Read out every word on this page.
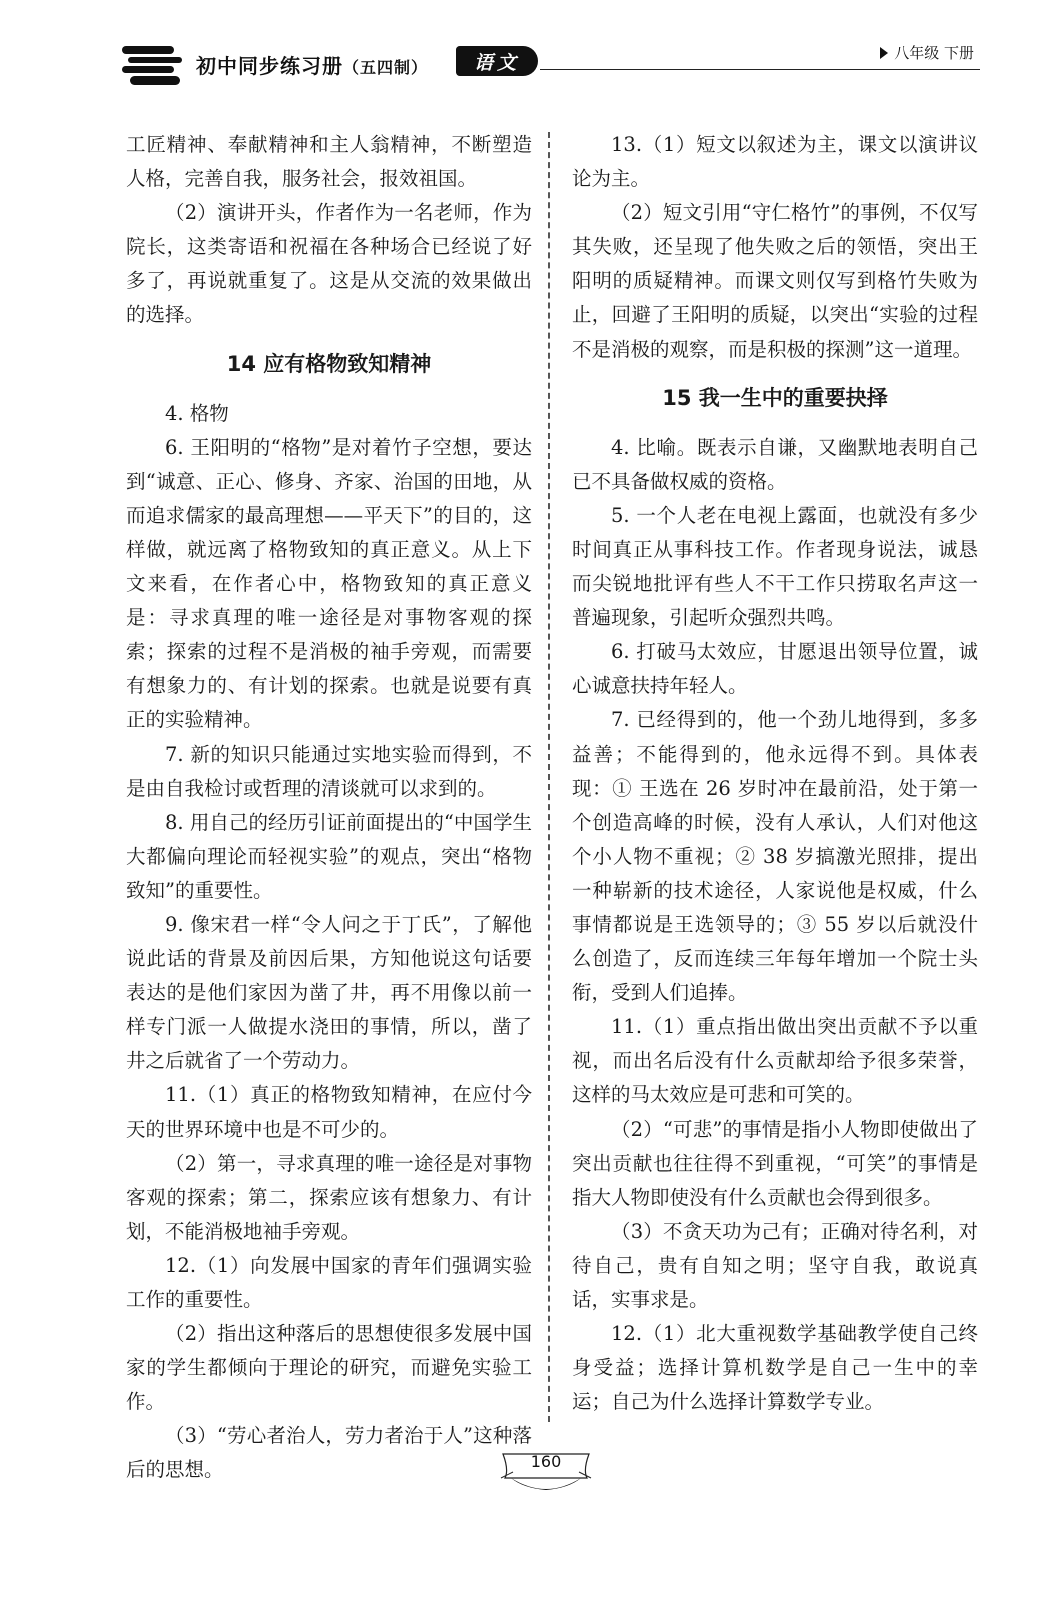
初中同步练习册（五四制）	语文	八年级 下册

工匠精神、奉献精神和主人翁精神，不断塑造人格，完善自我，服务社会，报效祖国。

（2）演讲开头，作者作为一名老师，作为院长，这类寄语和祝福在各种场合已经说了好多了，再说就重复了。这是从交流的效果做出的选择。

14 应有格物致知精神

4. 格物

6. 王阳明的“格物”是对着竹子空想，要达到“诚意、正心、修身、齐家、治国的田地，从而追求儒家的最高理想——平天下”的目的，这样做，就远离了格物致知的真正意义。从上下文来看，在作者心中，格物致知的真正意义是：寻求真理的唯一途径是对事物客观的探索；探索的过程不是消极的袖手旁观，而需要有想象力的、有计划的探索。也就是说要有真正的实验精神。

7. 新的知识只能通过实地实验而得到，不是由自我检讨或哲理的清谈就可以求到的。

8. 用自己的经历引证前面提出的“中国学生大都偏向理论而轻视实验”的观点，突出“格物致知”的重要性。

9. 像宋君一样“令人问之于丁氏”，了解他说此话的背景及前因后果，方知他说这句话要表达的是他们家因为凿了井，再不用像以前一样专门派一人做提水浇田的事情，所以，凿了井之后就省了一个劳动力。

11.（1）真正的格物致知精神，在应付今天的世界环境中也是不可少的。

（2）第一，寻求真理的唯一途径是对事物客观的探索；第二，探索应该有想象力、有计划，不能消极地袖手旁观。

12.（1）向发展中国家的青年们强调实验工作的重要性。

（2）指出这种落后的思想使很多发展中国家的学生都倾向于理论的研究，而避免实验工作。

（3）“劳心者治人，劳力者治于人”这种落后的思想。

13.（1）短文以叙述为主，课文以演讲议论为主。

（2）短文引用“守仁格竹”的事例，不仅写其失败，还呈现了他失败之后的领悟，突出王阳明的质疑精神。而课文则仅写到格竹失败为止，回避了王阳明的质疑，以突出“实验的过程不是消极的观察，而是积极的探测”这一道理。

15 我一生中的重要抉择

4. 比喻。既表示自谦，又幽默地表明自己已不具备做权威的资格。

5. 一个人老在电视上露面，也就没有多少时间真正从事科技工作。作者现身说法，诚恳而尖锐地批评有些人不干工作只捞取名声这一普遍现象，引起听众强烈共鸣。

6. 打破马太效应，甘愿退出领导位置，诚心诚意扶持年轻人。

7. 已经得到的，他一个劲儿地得到，多多益善；不能得到的，他永远得不到。具体表现：① 王选在 26 岁时冲在最前沿，处于第一个创造高峰的时候，没有人承认，人们对他这个小人物不重视；② 38 岁搞激光照排，提出一种崭新的技术途径，人家说他是权威，什么事情都说是王选领导的；③ 55 岁以后就没什么创造了，反而连续三年每年增加一个院士头衔，受到人们追捧。

11.（1）重点指出做出突出贡献不予以重视，而出名后没有什么贡献却给予很多荣誉，这样的马太效应是可悲和可笑的。

（2）“可悲”的事情是指小人物即使做出了突出贡献也往往得不到重视，“可笑”的事情是指大人物即使没有什么贡献也会得到很多。

（3）不贪天功为己有；正确对待名利，对待自己，贵有自知之明；坚守自我，敢说真话，实事求是。

12.（1）北大重视数学基础教学使自己终身受益；选择计算机数学是自己一生中的幸运；自己为什么选择计算数学专业。

160
